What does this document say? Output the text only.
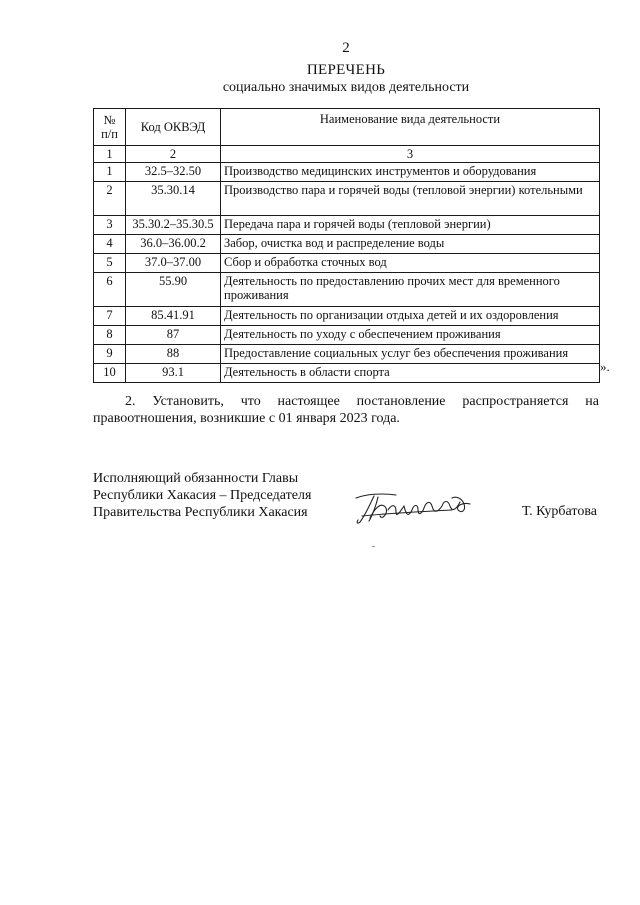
2
ПЕРЕЧЕНЬ
социально значимых видов деятельности
№ п/п	Код ОКВЭД	Наименование вида деятельности
1	2	3
1	32.5–32.50	Производство медицинских инструментов и оборудования
2	35.30.14	Производство пара и горячей воды (тепловой энергии) котельными
3	35.30.2–35.30.5	Передача пара и горячей воды (тепловой энергии)
4	36.0–36.00.2	Забор, очистка вод и распределение воды
5	37.0–37.00	Сбор и обработка сточных вод
6	55.90	Деятельность по предоставлению прочих мест для временного проживания
7	85.41.91	Деятельность по организации отдыха детей и их оздоровления
8	87	Деятельность по уходу с обеспечением проживания
9	88	Предоставление социальных услуг без обеспечения проживания
10	93.1	Деятельность в области спорта	».
2. Установить, что настоящее постановление распространяется на правоотношения, возникшие с 01 января 2023 года.
Исполняющий обязанности Главы
Республики Хакасия – Председателя
Правительства Республики Хакасия	Т. Курбатова
